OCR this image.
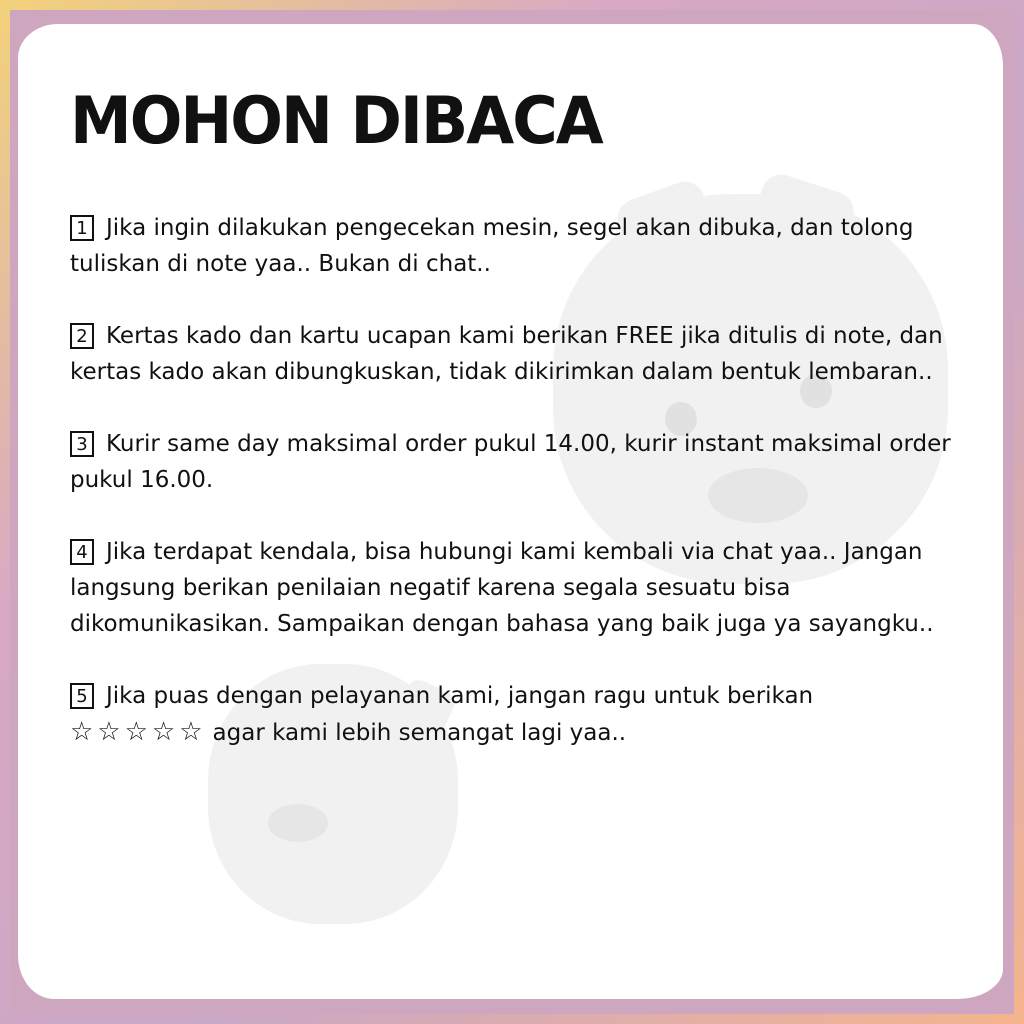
MOHON DIBACA
1 Jika ingin dilakukan pengecekan mesin, segel akan dibuka, dan tolong tuliskan di note yaa.. Bukan di chat..
2 Kertas kado dan kartu ucapan kami berikan FREE jika ditulis di note, dan kertas kado akan dibungkuskan, tidak dikirimkan dalam bentuk lembaran..
3 Kurir same day maksimal order pukul 14.00, kurir instant maksimal order pukul 16.00.
4 Jika terdapat kendala, bisa hubungi kami kembali via chat yaa.. Jangan langsung berikan penilaian negatif karena segala sesuatu bisa dikomunikasikan. Sampaikan dengan bahasa yang baik juga ya sayangku..
5 Jika puas dengan pelayanan kami, jangan ragu untuk berikan
☆☆☆☆☆ agar kami lebih semangat lagi yaa..
